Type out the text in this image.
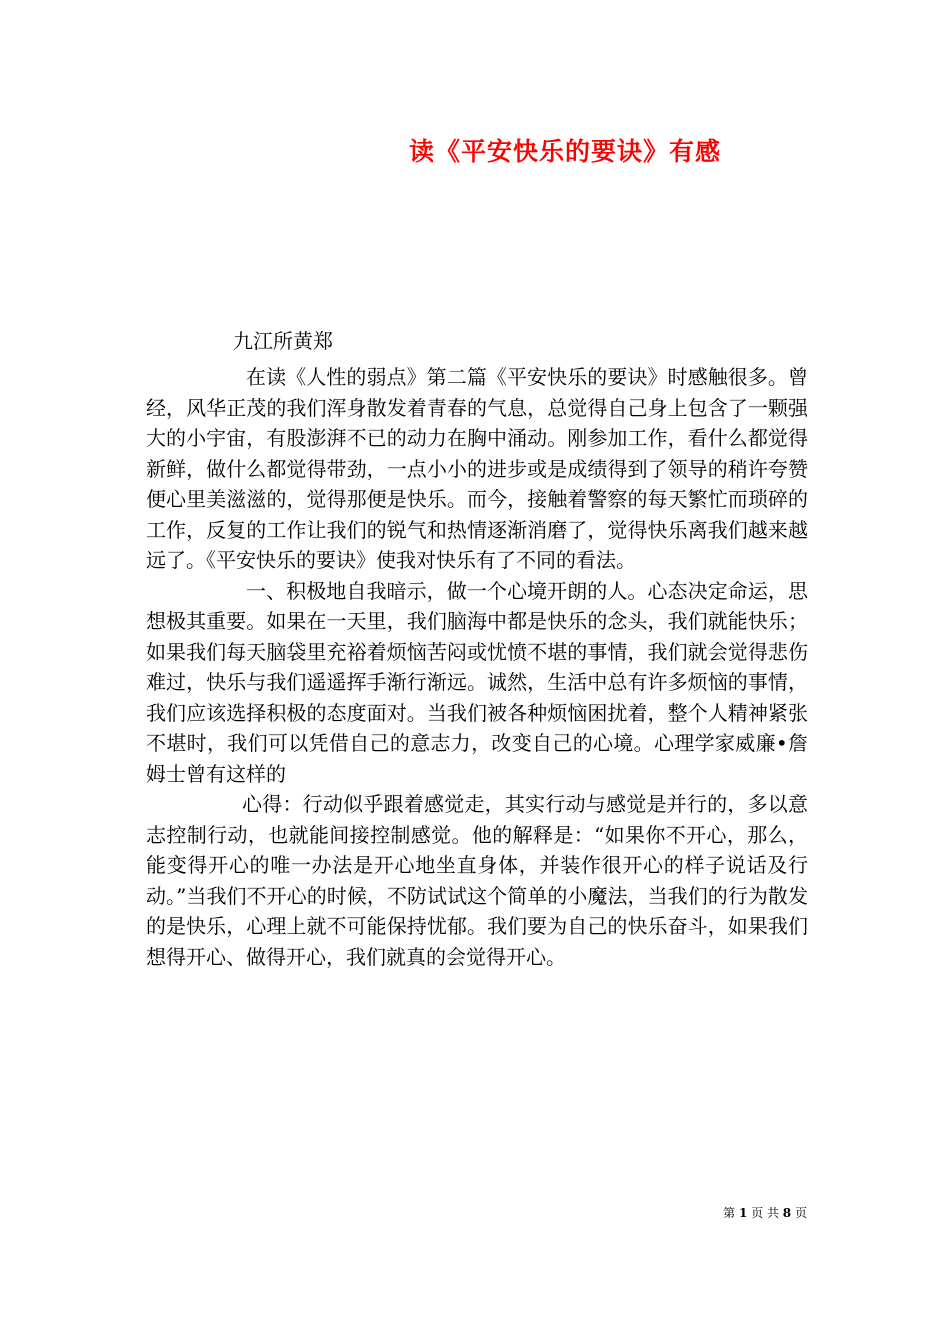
读《平安快乐的要诀》有感
九江所黄郑

在读《人性的弱点》第二篇《平安快乐的要诀》时感触很多。曾经，风华正茂的我们浑身散发着青春的气息，总觉得自己身上包含了一颗强大的小宇宙，有股澎湃不已的动力在胸中涌动。刚参加工作，看什么都觉得新鲜，做什么都觉得带劲，一点小小的进步或是成绩得到了领导的稍许夸赞便心里美滋滋的，觉得那便是快乐。而今，接触着警察的每天繁忙而琐碎的工作，反复的工作让我们的锐气和热情逐渐消磨了，觉得快乐离我们越来越远了。《平安快乐的要诀》使我对快乐有了不同的看法。

一、积极地自我暗示，做一个心境开朗的人。心态决定命运，思想极其重要。如果在一天里，我们脑海中都是快乐的念头，我们就能快乐；如果我们每天脑袋里充裕着烦恼苦闷或忧愤不堪的事情，我们就会觉得悲伤难过，快乐与我们遥遥挥手渐行渐远。诚然，生活中总有许多烦恼的事情，我们应该选择积极的态度面对。当我们被各种烦恼困扰着，整个人精神紧张不堪时，我们可以凭借自己的意志力，改变自己的心境。心理学家威廉•詹姆士曾有这样的

心得：行动似乎跟着感觉走，其实行动与感觉是并行的，多以意志控制行动，也就能间接控制感觉。他的解释是：“如果你不开心，那么，能变得开心的唯一办法是开心地坐直身体，并装作很开心的样子说话及行动。”当我们不开心的时候，不防试试这个简单的小魔法，当我们的行为散发的是快乐，心理上就不可能保持忧郁。我们要为自己的快乐奋斗，如果我们想得开心、做得开心，我们就真的会觉得开心。

第 1 页 共 8 页
